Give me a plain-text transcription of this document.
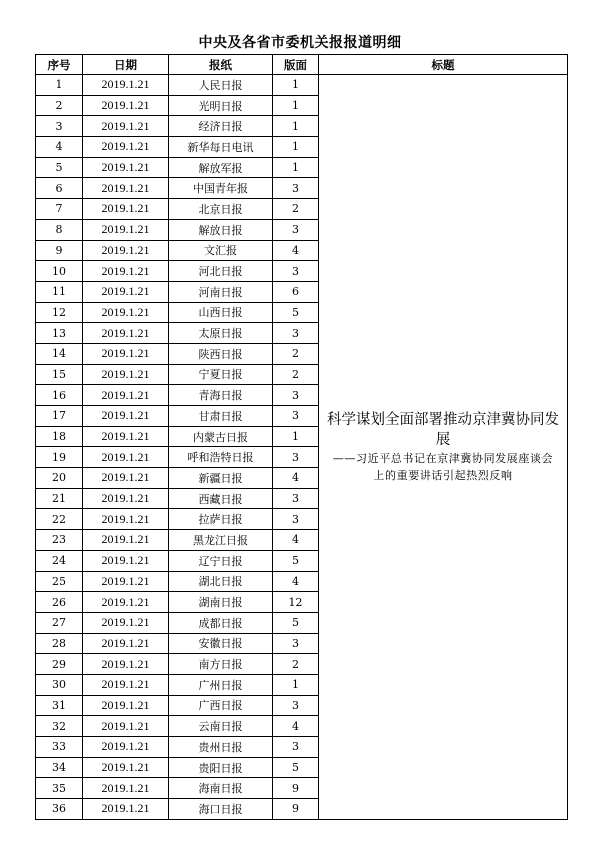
中央及各省市委机关报报道明细
序号	日期	报纸	版面	标题
1	2019.1.21	人民日报	1	科学谋划全面部署推动京津冀协同发展
——习近平总书记在京津冀协同发展座谈会
上的重要讲话引起热烈反响

2	2019.1.21	光明日报	1	
3	2019.1.21	经济日报	1	
4	2019.1.21	新华每日电讯	1	
5	2019.1.21	解放军报	1	
6	2019.1.21	中国青年报	3	
7	2019.1.21	北京日报	2	
8	2019.1.21	解放日报	3	
9	2019.1.21	文汇报	4	
10	2019.1.21	河北日报	3	
11	2019.1.21	河南日报	6	
12	2019.1.21	山西日报	5	
13	2019.1.21	太原日报	3	
14	2019.1.21	陕西日报	2	
15	2019.1.21	宁夏日报	2	
16	2019.1.21	青海日报	3	
17	2019.1.21	甘肃日报	3	
18	2019.1.21	内蒙古日报	1	
19	2019.1.21	呼和浩特日报	3	
20	2019.1.21	新疆日报	4	
21	2019.1.21	西藏日报	3	
22	2019.1.21	拉萨日报	3	
23	2019.1.21	黑龙江日报	4	
24	2019.1.21	辽宁日报	5	
25	2019.1.21	湖北日报	4	
26	2019.1.21	湖南日报	12	
27	2019.1.21	成都日报	5	
28	2019.1.21	安徽日报	3	
29	2019.1.21	南方日报	2	
30	2019.1.21	广州日报	1	
31	2019.1.21	广西日报	3	
32	2019.1.21	云南日报	4	
33	2019.1.21	贵州日报	3	
34	2019.1.21	贵阳日报	5	
35	2019.1.21	海南日报	9	
36	2019.1.21	海口日报	9	
